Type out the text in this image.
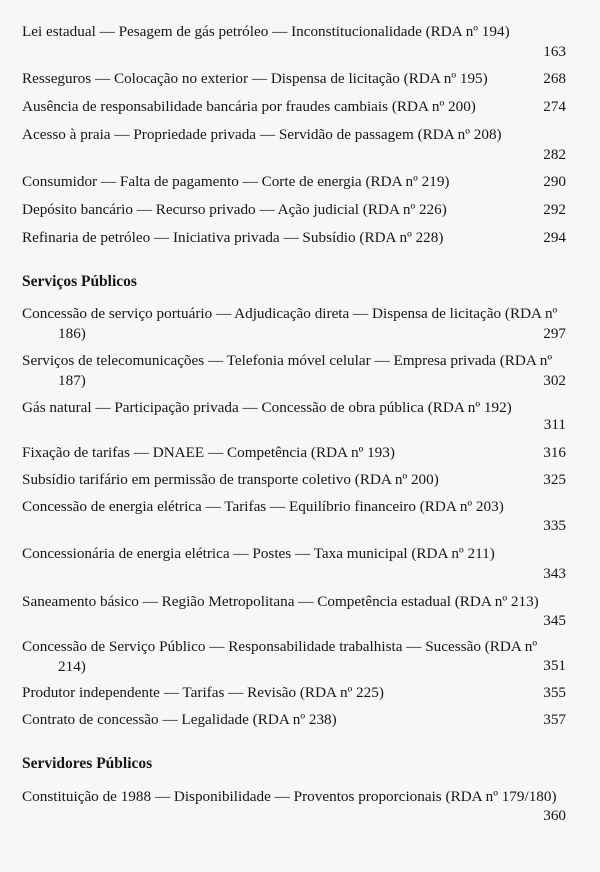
Lei estadual — Pesagem de gás petróleo — Inconstitucionalidade (RDA nº 194)
163
Resseguros — Colocação no exterior — Dispensa de licitação (RDA nº 195)	268
Ausência de responsabilidade bancária por fraudes cambiais (RDA nº 200)	274
Acesso à praia — Propriedade privada — Servidão de passagem (RDA nº 208)
282
Consumidor — Falta de pagamento — Corte de energia (RDA nº 219)	290
Depósito bancário — Recurso privado — Ação judicial (RDA nº 226)	292
Refinaria de petróleo — Iniciativa privada — Subsídio (RDA nº 228)	294
Serviços Públicos
Concessão de serviço portuário — Adjudicação direta — Dispensa de licitação (RDA nº 186)	297
Serviços de telecomunicações — Telefonia móvel celular — Empresa privada (RDA nº 187)	302
Gás natural — Participação privada — Concessão de obra pública (RDA nº 192)
311
Fixação de tarifas — DNAEE — Competência (RDA nº 193)	316
Subsídio tarifário em permissão de transporte coletivo (RDA nº 200)	325
Concessão de energia elétrica — Tarifas — Equilíbrio financeiro (RDA nº 203)
335
Concessionária de energia elétrica — Postes — Taxa municipal (RDA nº 211)
343
Saneamento básico — Região Metropolitana — Competência estadual (RDA nº 213)
345
Concessão de Serviço Público — Responsabilidade trabalhista — Sucessão (RDA nº 214)	351
Produtor independente — Tarifas — Revisão (RDA nº 225)	355
Contrato de concessão — Legalidade (RDA nº 238)	357
Servidores Públicos
Constituição de 1988 — Disponibilidade — Proventos proporcionais (RDA nº 179/180)
360
